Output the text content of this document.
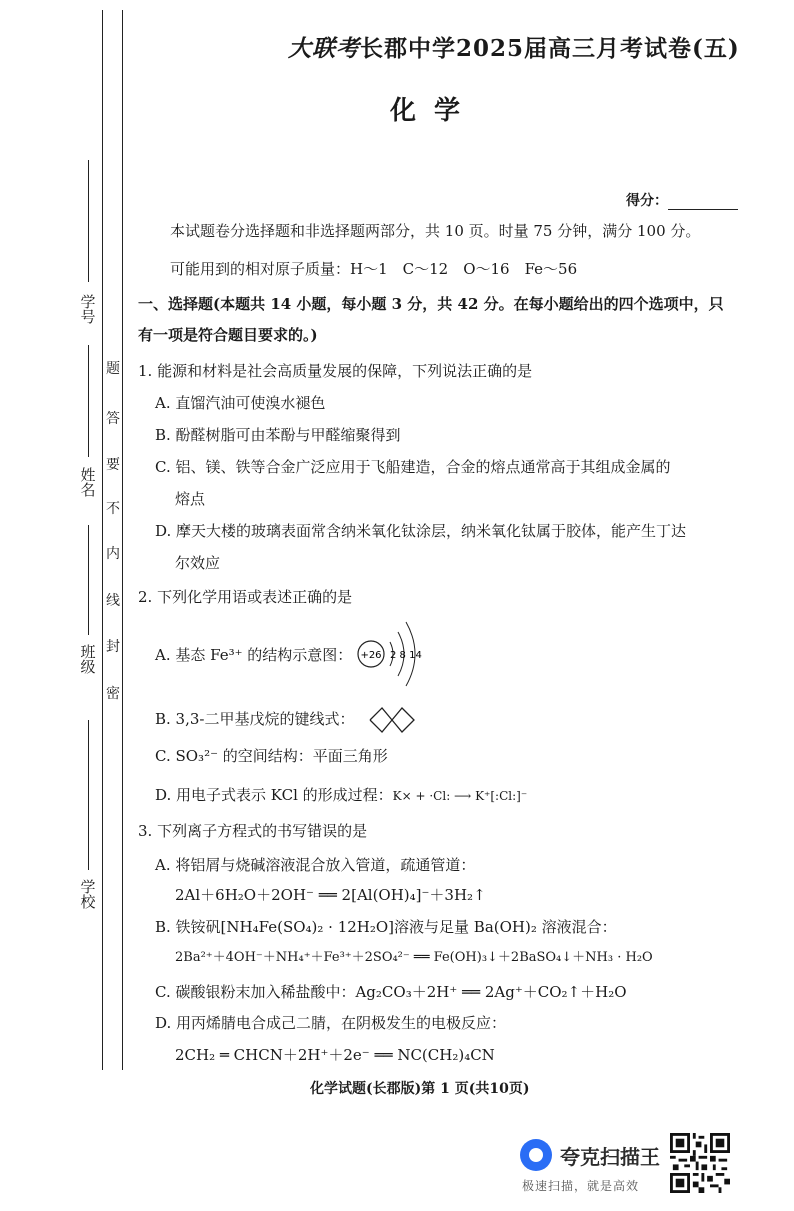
学号
姓名
班级
学校
题
答
要
不
内
线
封
密
大联考长郡中学2025届高三月考试卷(五)
化学
得分：
本试题卷分选择题和非选择题两部分，共 10 页。时量 75 分钟，满分 100 分。
可能用到的相对原子质量：H～1　C～12　O～16　Fe～56
一、选择题(本题共 14 小题，每小题 3 分，共 42 分。在每小题给出的四个选项中，只
有一项是符合题目要求的。)
1. 能源和材料是社会高质量发展的保障，下列说法正确的是
A. 直馏汽油可使溴水褪色
B. 酚醛树脂可由苯酚与甲醛缩聚得到
C. 铝、镁、铁等合金广泛应用于飞船建造，合金的熔点通常高于其组成金属的
熔点
D. 摩天大楼的玻璃表面常含纳米氧化钛涂层，纳米氧化钛属于胶体，能产生丁达
尔效应
2. 下列化学用语或表述正确的是
A. 基态 Fe³⁺ 的结构示意图： +26 2 8 14
B. 3,3-二甲基戊烷的键线式：
C. SO₃²⁻ 的空间结构：平面三角形
D. 用电子式表示 KCl 的形成过程：K× + ·Cl: ⟶ K⁺[:Cl:]⁻
3. 下列离子方程式的书写错误的是
A. 将铝屑与烧碱溶液混合放入管道，疏通管道：
2Al＋6H₂O＋2OH⁻ ══ 2[Al(OH)₄]⁻＋3H₂↑
B. 铁铵矾[NH₄Fe(SO₄)₂ · 12H₂O]溶液与足量 Ba(OH)₂ 溶液混合：
2Ba²⁺＋4OH⁻＋NH₄⁺＋Fe³⁺＋2SO₄²⁻ ══ Fe(OH)₃↓＋2BaSO₄↓＋NH₃ · H₂O
C. 碳酸银粉末加入稀盐酸中：Ag₂CO₃＋2H⁺ ══ 2Ag⁺＋CO₂↑＋H₂O
D. 用丙烯腈电合成己二腈，在阴极发生的电极反应：
2CH₂ ═ CHCN＋2H⁺＋2e⁻ ══ NC(CH₂)₄CN
化学试题(长郡版)第 1 页(共10页)
夸克扫描王
极速扫描，就是高效
